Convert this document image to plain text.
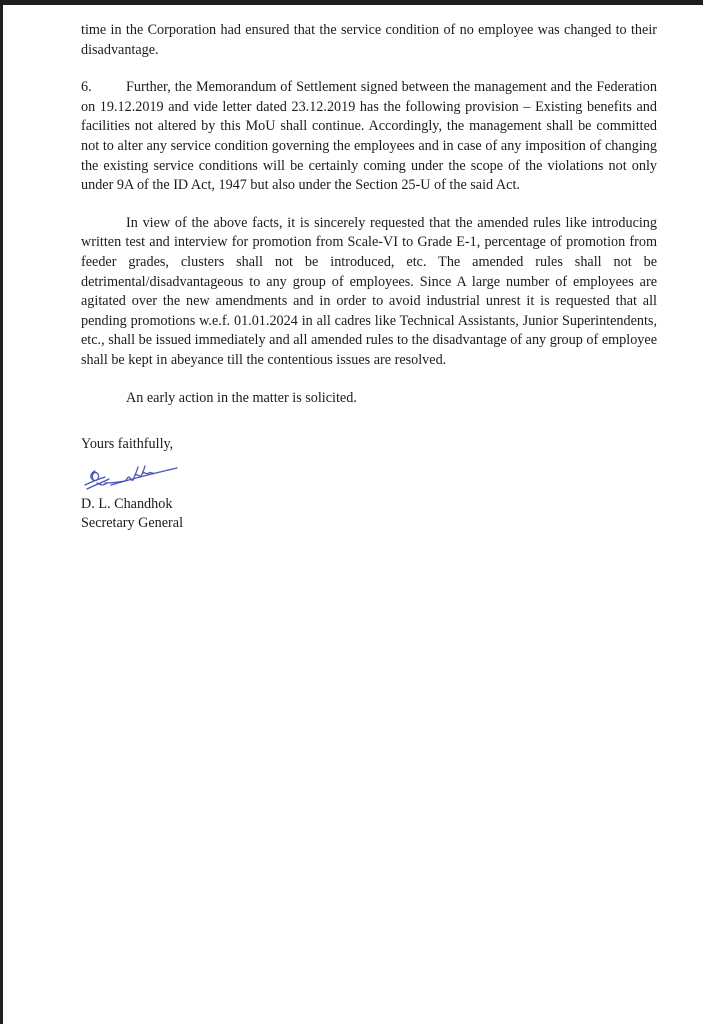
time in the Corporation had ensured that the service condition of no employee was changed to their disadvantage.

6. Further, the Memorandum of Settlement signed between the management and the Federation on 19.12.2019 and vide letter dated 23.12.2019 has the following provision – Existing benefits and facilities not altered by this MoU shall continue. Accordingly, the management shall be committed not to alter any service condition governing the employees and in case of any imposition of changing the existing service conditions will be certainly coming under the scope of the violations not only under 9A of the ID Act, 1947 but also under the Section 25-U of the said Act.

In view of the above facts, it is sincerely requested that the amended rules like introducing written test and interview for promotion from Scale-VI to Grade E-1, percentage of promotion from feeder grades, clusters shall not be introduced, etc. The amended rules shall not be detrimental/disadvantageous to any group of employees. Since A large number of employees are agitated over the new amendments and in order to avoid industrial unrest it is requested that all pending promotions w.e.f. 01.01.2024 in all cadres like Technical Assistants, Junior Superintendents, etc., shall be issued immediately and all amended rules to the disadvantage of any group of employee shall be kept in abeyance till the contentious issues are resolved.

An early action in the matter is solicited.

Yours faithfully,

D. L. Chandhok

Secretary General
